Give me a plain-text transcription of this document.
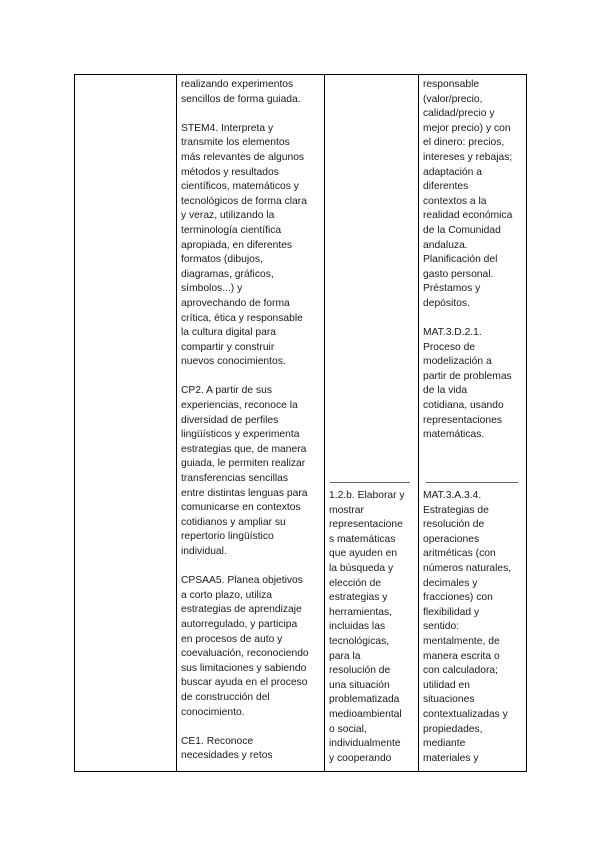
realizando experimentos

sencillos de forma guiada.

STEM4. Interpreta y

transmite los elementos

más relevantes de algunos

métodos y resultados

científicos, matemáticos y

tecnológicos de forma clara

y veraz, utilizando la

terminología científica

apropiada, en diferentes

formatos (dibujos,

diagramas, gráficos,

símbolos...) y

aprovechando de forma

crítica, ética y responsable

la cultura digital para

compartir y construir

nuevos conocimientos.

CP2. A partir de sus

experiencias, reconoce la

diversidad de perfiles

lingüísticos y experimenta

estrategias que, de manera

guiada, le permiten realizar

transferencias sencillas

entre distintas lenguas para

comunicarse en contextos

cotidianos y ampliar su

repertorio lingüístico

individual.

CPSAA5. Planea objetivos

a corto plazo, utiliza

estrategias de aprendizaje

autorregulado, y participa

en procesos de auto y

coevaluación, reconociendo

sus limitaciones y sabiendo

buscar ayuda en el proceso

de construcción del

conocimiento.

CE1. Reconoce

necesidades y retos

1.2.b. Elaborar y

mostrar

representacione

s matemáticas

que ayuden en

la búsqueda y

elección de

estrategias y

herramientas,

incluidas las

tecnológicas,

para la

resolución de

una situación

problematizada

medioambiental

o social,

individualmente

y cooperando

responsable

(valor/precio,

calidad/precio y

mejor precio) y con

el dinero: precios,

intereses y rebajas;

adaptación a

diferentes

contextos a la

realidad económica

de la Comunidad

andaluza.

Planificación del

gasto personal.

Préstamos y

depósitos.

MAT.3.D.2.1.

Proceso de

modelización a

partir de problemas

de la vida

cotidiana, usando

representaciones

matemáticas.

MAT.3.A.3.4.

Estrategias de

resolución de

operaciones

aritméticas (con

números naturales,

decimales y

fracciones) con

flexibilidad y

sentido:

mentalmente, de

manera escrita o

con calculadora;

utilidad en

situaciones

contextualizadas y

propiedades,

mediante

materiales y
